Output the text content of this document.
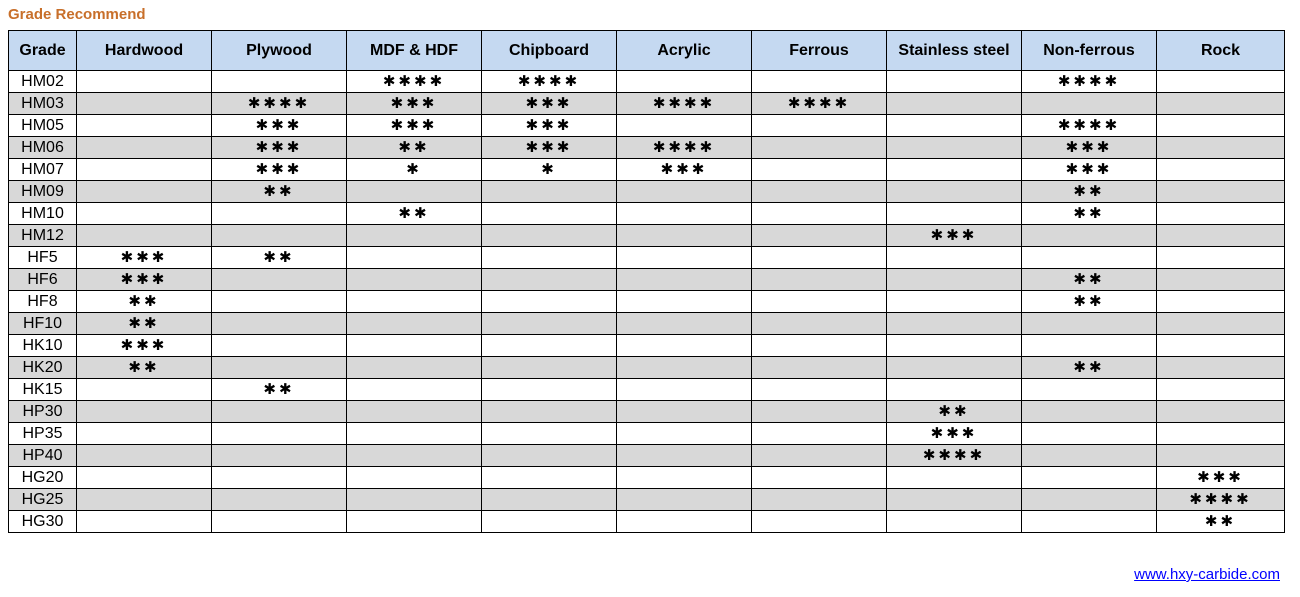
Grade Recommend
Grade	Hardwood	Plywood	MDF & HDF	Chipboard	Acrylic	Ferrous	Stainless steel	Non-ferrous	Rock
HM02			✱✱✱✱	✱✱✱✱				✱✱✱✱	
HM03		✱✱✱✱	✱✱✱	✱✱✱	✱✱✱✱	✱✱✱✱			
HM05		✱✱✱	✱✱✱	✱✱✱				✱✱✱✱	
HM06		✱✱✱	✱✱	✱✱✱	✱✱✱✱			✱✱✱	
HM07		✱✱✱	✱	✱	✱✱✱			✱✱✱	
HM09		✱✱						✱✱	
HM10			✱✱					✱✱	
HM12							✱✱✱		
HF5	✱✱✱	✱✱							
HF6	✱✱✱							✱✱	
HF8	✱✱							✱✱	
HF10	✱✱								
HK10	✱✱✱								
HK20	✱✱							✱✱	
HK15		✱✱							
HP30							✱✱		
HP35							✱✱✱		
HP40							✱✱✱✱		
HG20									✱✱✱
HG25									✱✱✱✱
HG30									✱✱
www.hxy-carbide.com
